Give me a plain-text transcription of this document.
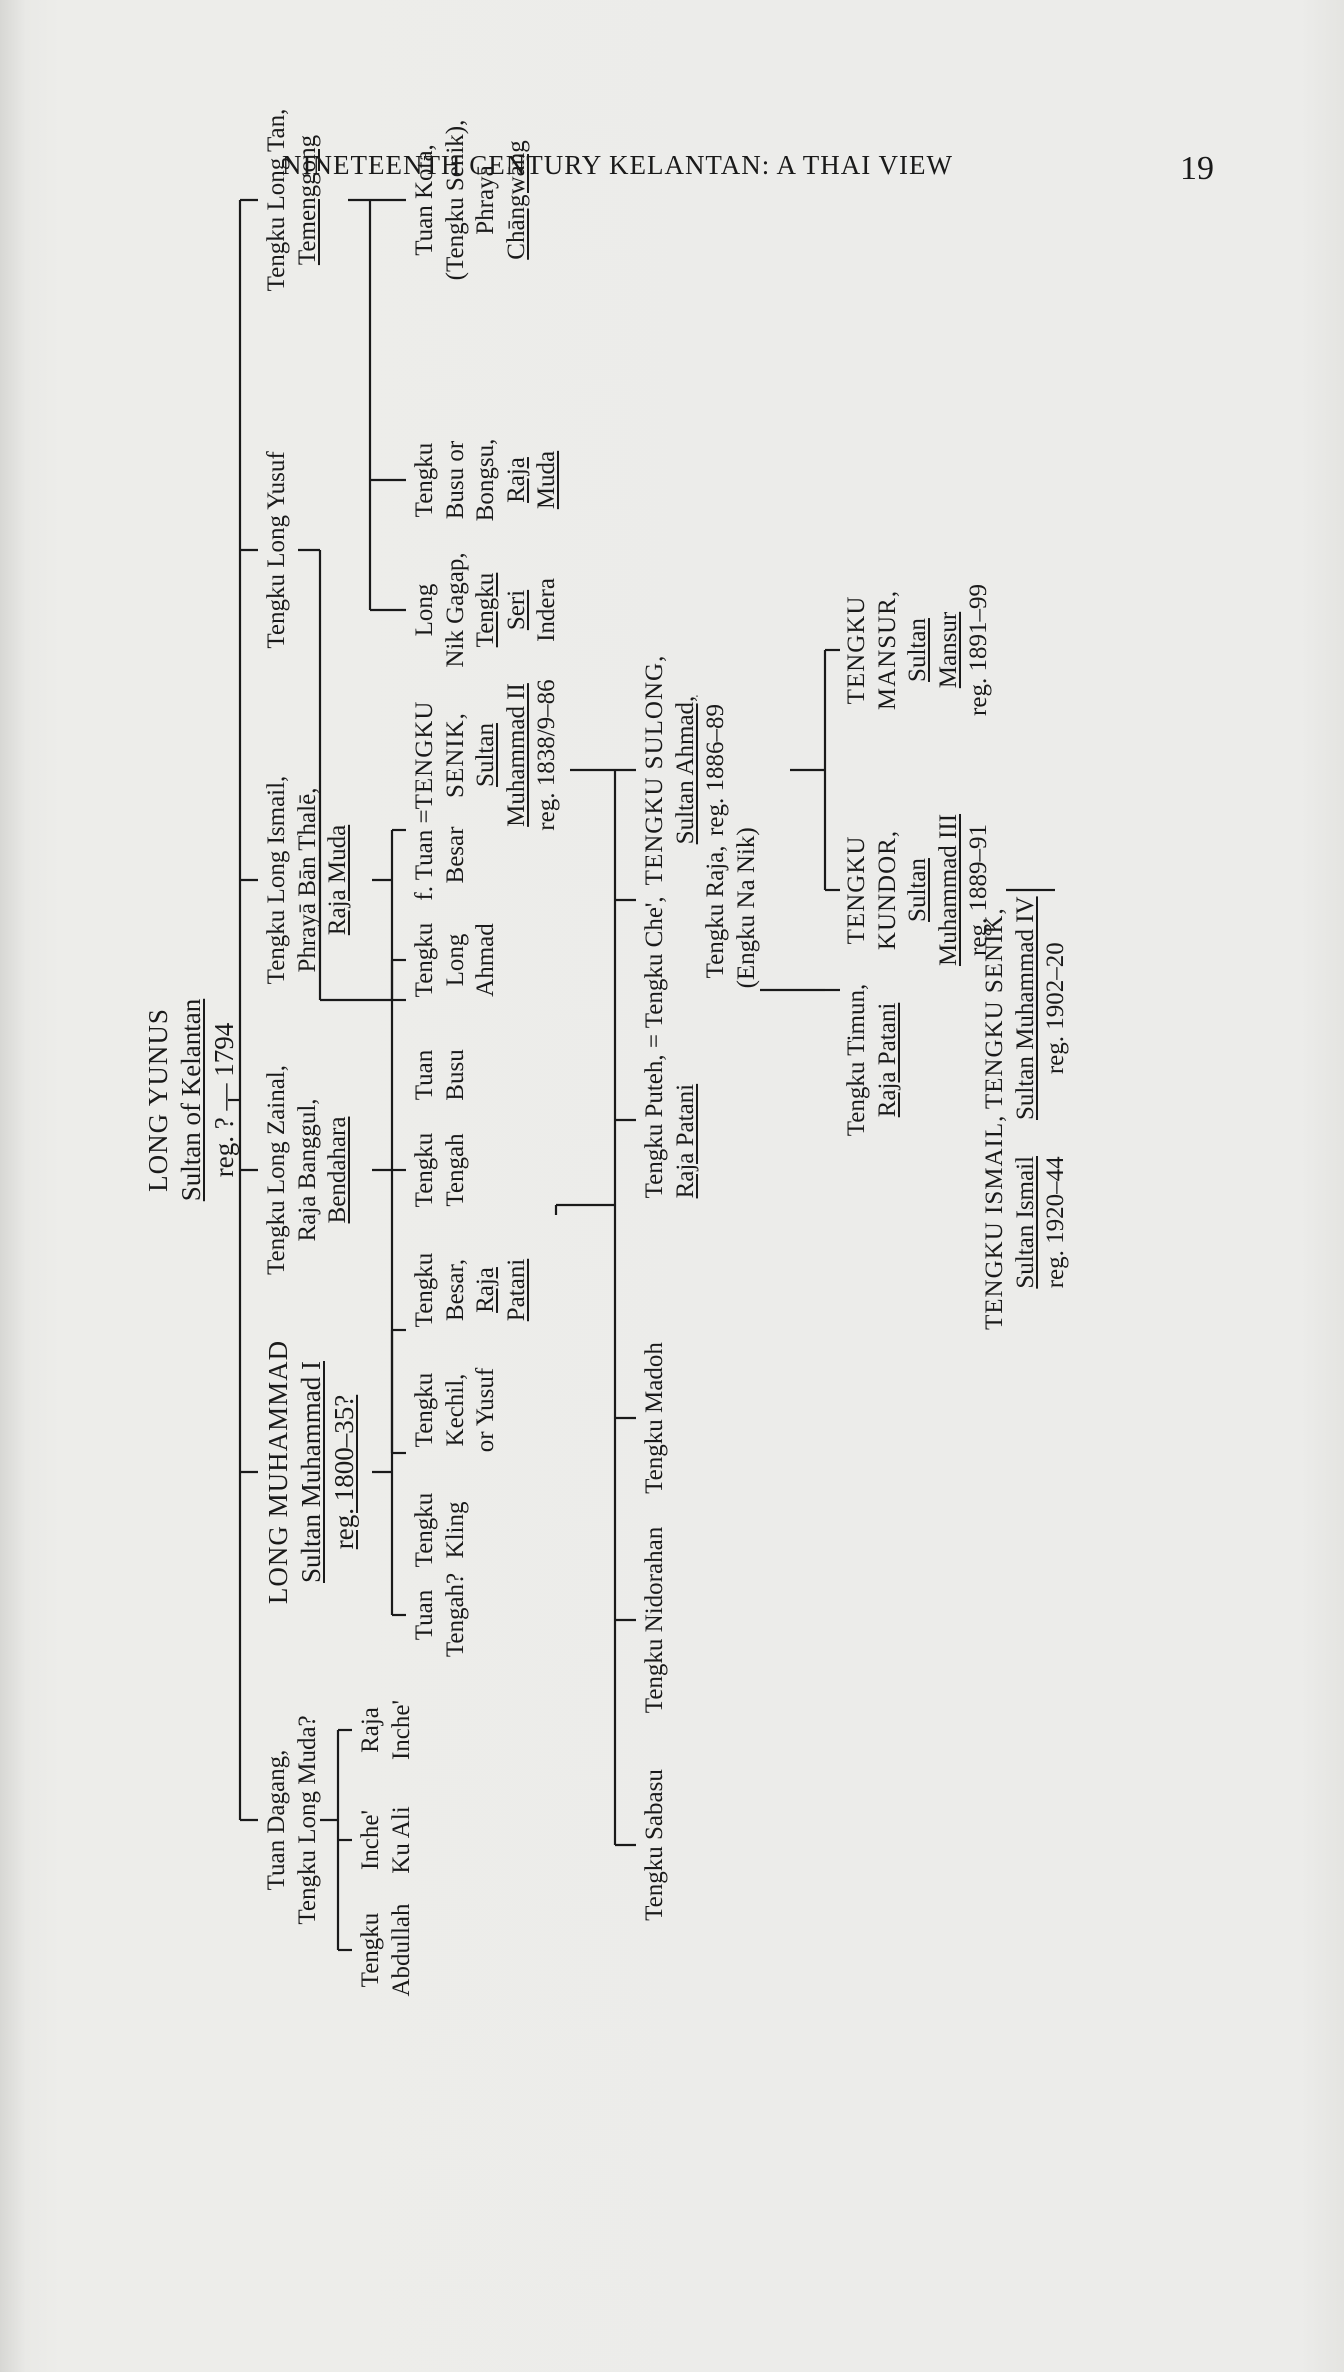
NINETEENTH CENTURY KELANTAN: A THAI VIEW	19
LONG YUNUS Sultan of Kelantan reg. ? — 1794
Tuan Dagang, Tengku Long Muda?
LONG MUHAMMAD Sultan Muhammad I reg. 1800–35?
Tengku Long Zainal, Raja Banggul, Bendahara
Tengku Long Ismail, Phrayā Bān Thalē, Raja Muda
Tengku Long Yusuf
Tengku Long Tan, Temenggong
Tengku Abdullah
Inche' Ku Ali
Raja Inche'
Tuan Tengah?
Tengku Kling
Tengku Kechil, or Yusuf
Tengku Besar, Raja Patani
Tengku Tengah
Tuan Busu
Tengku Long Ahmad
f. Tuan = Besar
TENGKU SENIK, Sultan Muhammad II reg. 1838/9–86
Long Nik Gagap, Tengku Seri Indera
Tengku Busu or Bongsu, Raja Muda
Tuan Kota, (Tengku Senik), Phrayā Chāngwāng
Tengku Sabasu
Tengku Nidorahan
Tengku Madoh
Tengku Puteh, = Tengku Che', Raja Patani
Tengku Raja, (Engku Na Nik)
TENGKU SULONG, Sultan Ahmad, reg. 1886–89
Tengku Timun, Raja Patani
TENGKU KUNDOR, Sultan Muhammad III reg. 1889–91
TENGKU MANSUR, Sultan Mansur reg. 1891–99
TENGKU SENIK, Sultan Muhammad IV reg. 1902–20
TENGKU ISMAIL, Sultan Ismail reg. 1920–44
